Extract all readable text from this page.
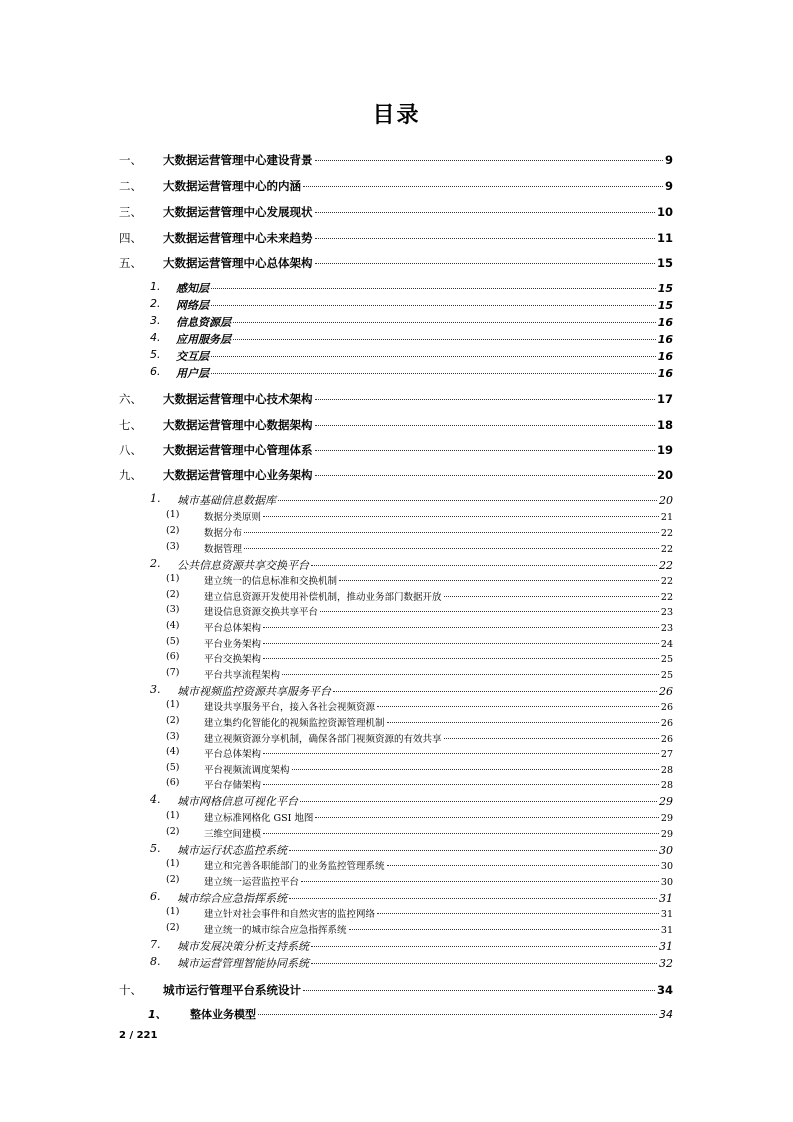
目录
一、 大数据运营管理中心建设背景	9
二、 大数据运营管理中心的内涵	9
三、 大数据运营管理中心发展现状	10
四、 大数据运营管理中心未来趋势	11
五、 大数据运营管理中心总体架构	15
1. 感知层	15
2. 网络层	15
3. 信息资源层	16
4. 应用服务层	16
5. 交互层	16
6. 用户层	16
六、 大数据运营管理中心技术架构	17
七、 大数据运营管理中心数据架构	18
八、 大数据运营管理中心管理体系	19
九、 大数据运营管理中心业务架构	20
1. 城市基础信息数据库	20
(1)	数据分类原则	21
(2)	数据分布	22
(3)	数据管理	22
2. 公共信息资源共享交换平台	22
(1)	建立统一的信息标准和交换机制	22
(2)	建立信息资源开发使用补偿机制，推动业务部门数据开放	22
(3)	建设信息资源交换共享平台	23
(4)	平台总体架构	23
(5)	平台业务架构	24
(6)	平台交换架构	25
(7)	平台共享流程架构	25
3. 城市视频监控资源共享服务平台	26
(1)	建设共享服务平台，接入各社会视频资源	26
(2)	建立集约化智能化的视频监控资源管理机制	26
(3)	建立视频资源分享机制，确保各部门视频资源的有效共享	26
(4)	平台总体架构	27
(5)	平台视频流调度架构	28
(6)	平台存储架构	28
4. 城市网格信息可视化平台	29
(1)	建立标准网格化 GSI 地图	29
(2)	三维空间建模	29
5. 城市运行状态监控系统	30
(1)	建立和完善各职能部门的业务监控管理系统	30
(2)	建立统一运营监控平台	30
6. 城市综合应急指挥系统	31
(1)	建立针对社会事件和自然灾害的监控网络	31
(2)	建立统一的城市综合应急指挥系统	31
7. 城市发展决策分析支持系统	31
8. 城市运营管理智能协同系统	32
十、 城市运行管理平台系统设计	34
1、 整体业务模型	34
2 / 221
